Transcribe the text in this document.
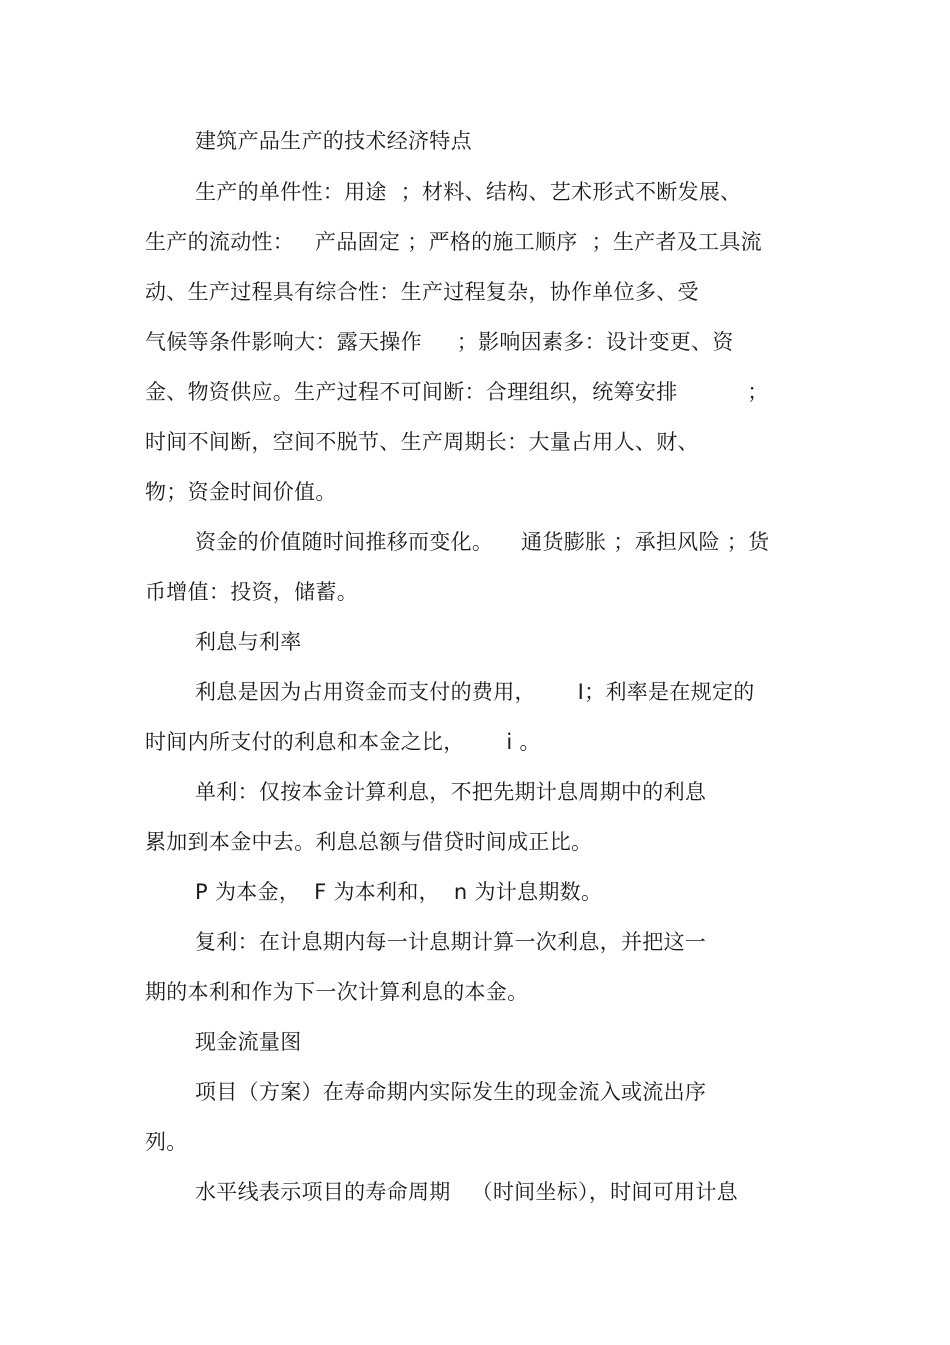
建筑产品生产的技术经济特点
生产的单件性：用途  ；材料、结构、艺术形式不断发展、
生产的流动性：   产品固定 ；严格的施工顺序  ；生产者及工具流
动、生产过程具有综合性：生产过程复杂，协作单位多、受
气候等条件影响大：露天操作     ；影响因素多：设计变更、资
金、物资供应。生产过程不可间断：合理组织，统筹安排          ；
时间不间断，空间不脱节、生产周期长：大量占用人、财、
物；资金时间价值。
资金的价值随时间推移而变化。    通货膨胀 ；承担风险 ；货
币增值：投资，储蓄。
利息与利率
利息是因为占用资金而支付的费用，      I；利率是在规定的
时间内所支付的利息和本金之比，      i 。
单利：仅按本金计算利息，不把先期计息周期中的利息
累加到本金中去。利息总额与借贷时间成正比。
P 为本金，  F 为本利和，  n 为计息期数。
复利：在计息期内每一计息期计算一次利息，并把这一
期的本利和作为下一次计算利息的本金。
现金流量图
项目（方案）在寿命期内实际发生的现金流入或流出序
列。
水平线表示项目的寿命周期   （时间坐标），时间可用计息
